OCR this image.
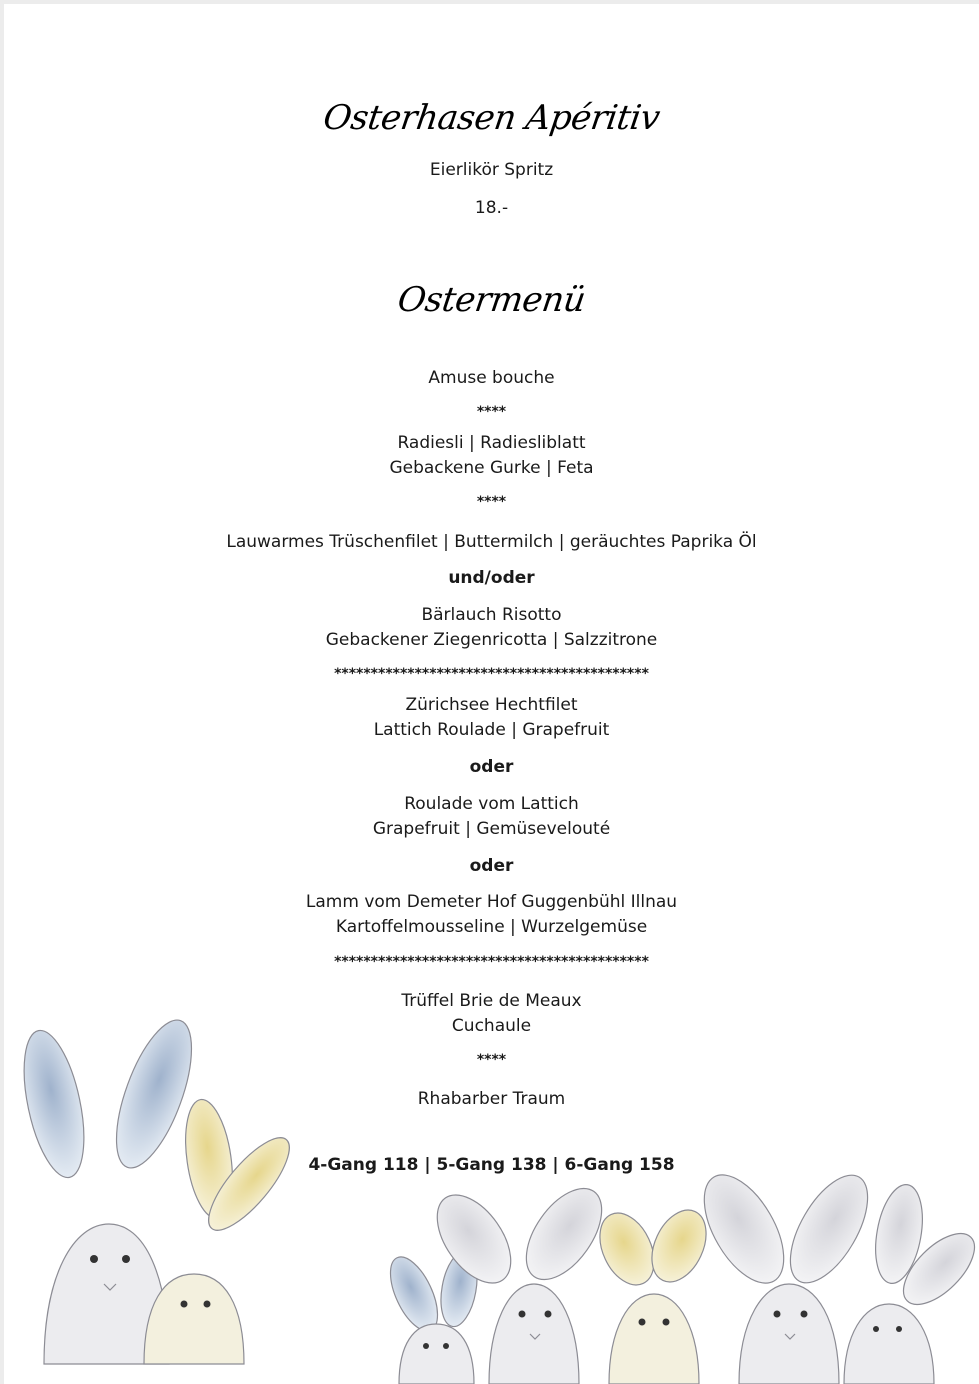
Osterhasen Apéritiv
Eierlikör Spritz
18.-
Ostermenü
Amuse bouche
****
Radiesli | Radiesliblatt
Gebackene Gurke | Feta
****
Lauwarmes Trüschenfilet | Buttermilch | geräuchtes Paprika Öl
und/oder
Bärlauch Risotto
Gebackener Ziegenricotta | Salzzitrone
*******************************************
Zürichsee Hechtfilet
Lattich Roulade | Grapefruit
oder
Roulade vom Lattich
Grapefruit | Gemüsevelouté
oder
Lamm vom Demeter Hof Guggenbühl Illnau
Kartoffelmousseline | Wurzelgemüse
*******************************************
Trüffel Brie de Meaux
Cuchaule
****
Rhabarber Traum
4-Gang 118 | 5-Gang 138 | 6-Gang 158
